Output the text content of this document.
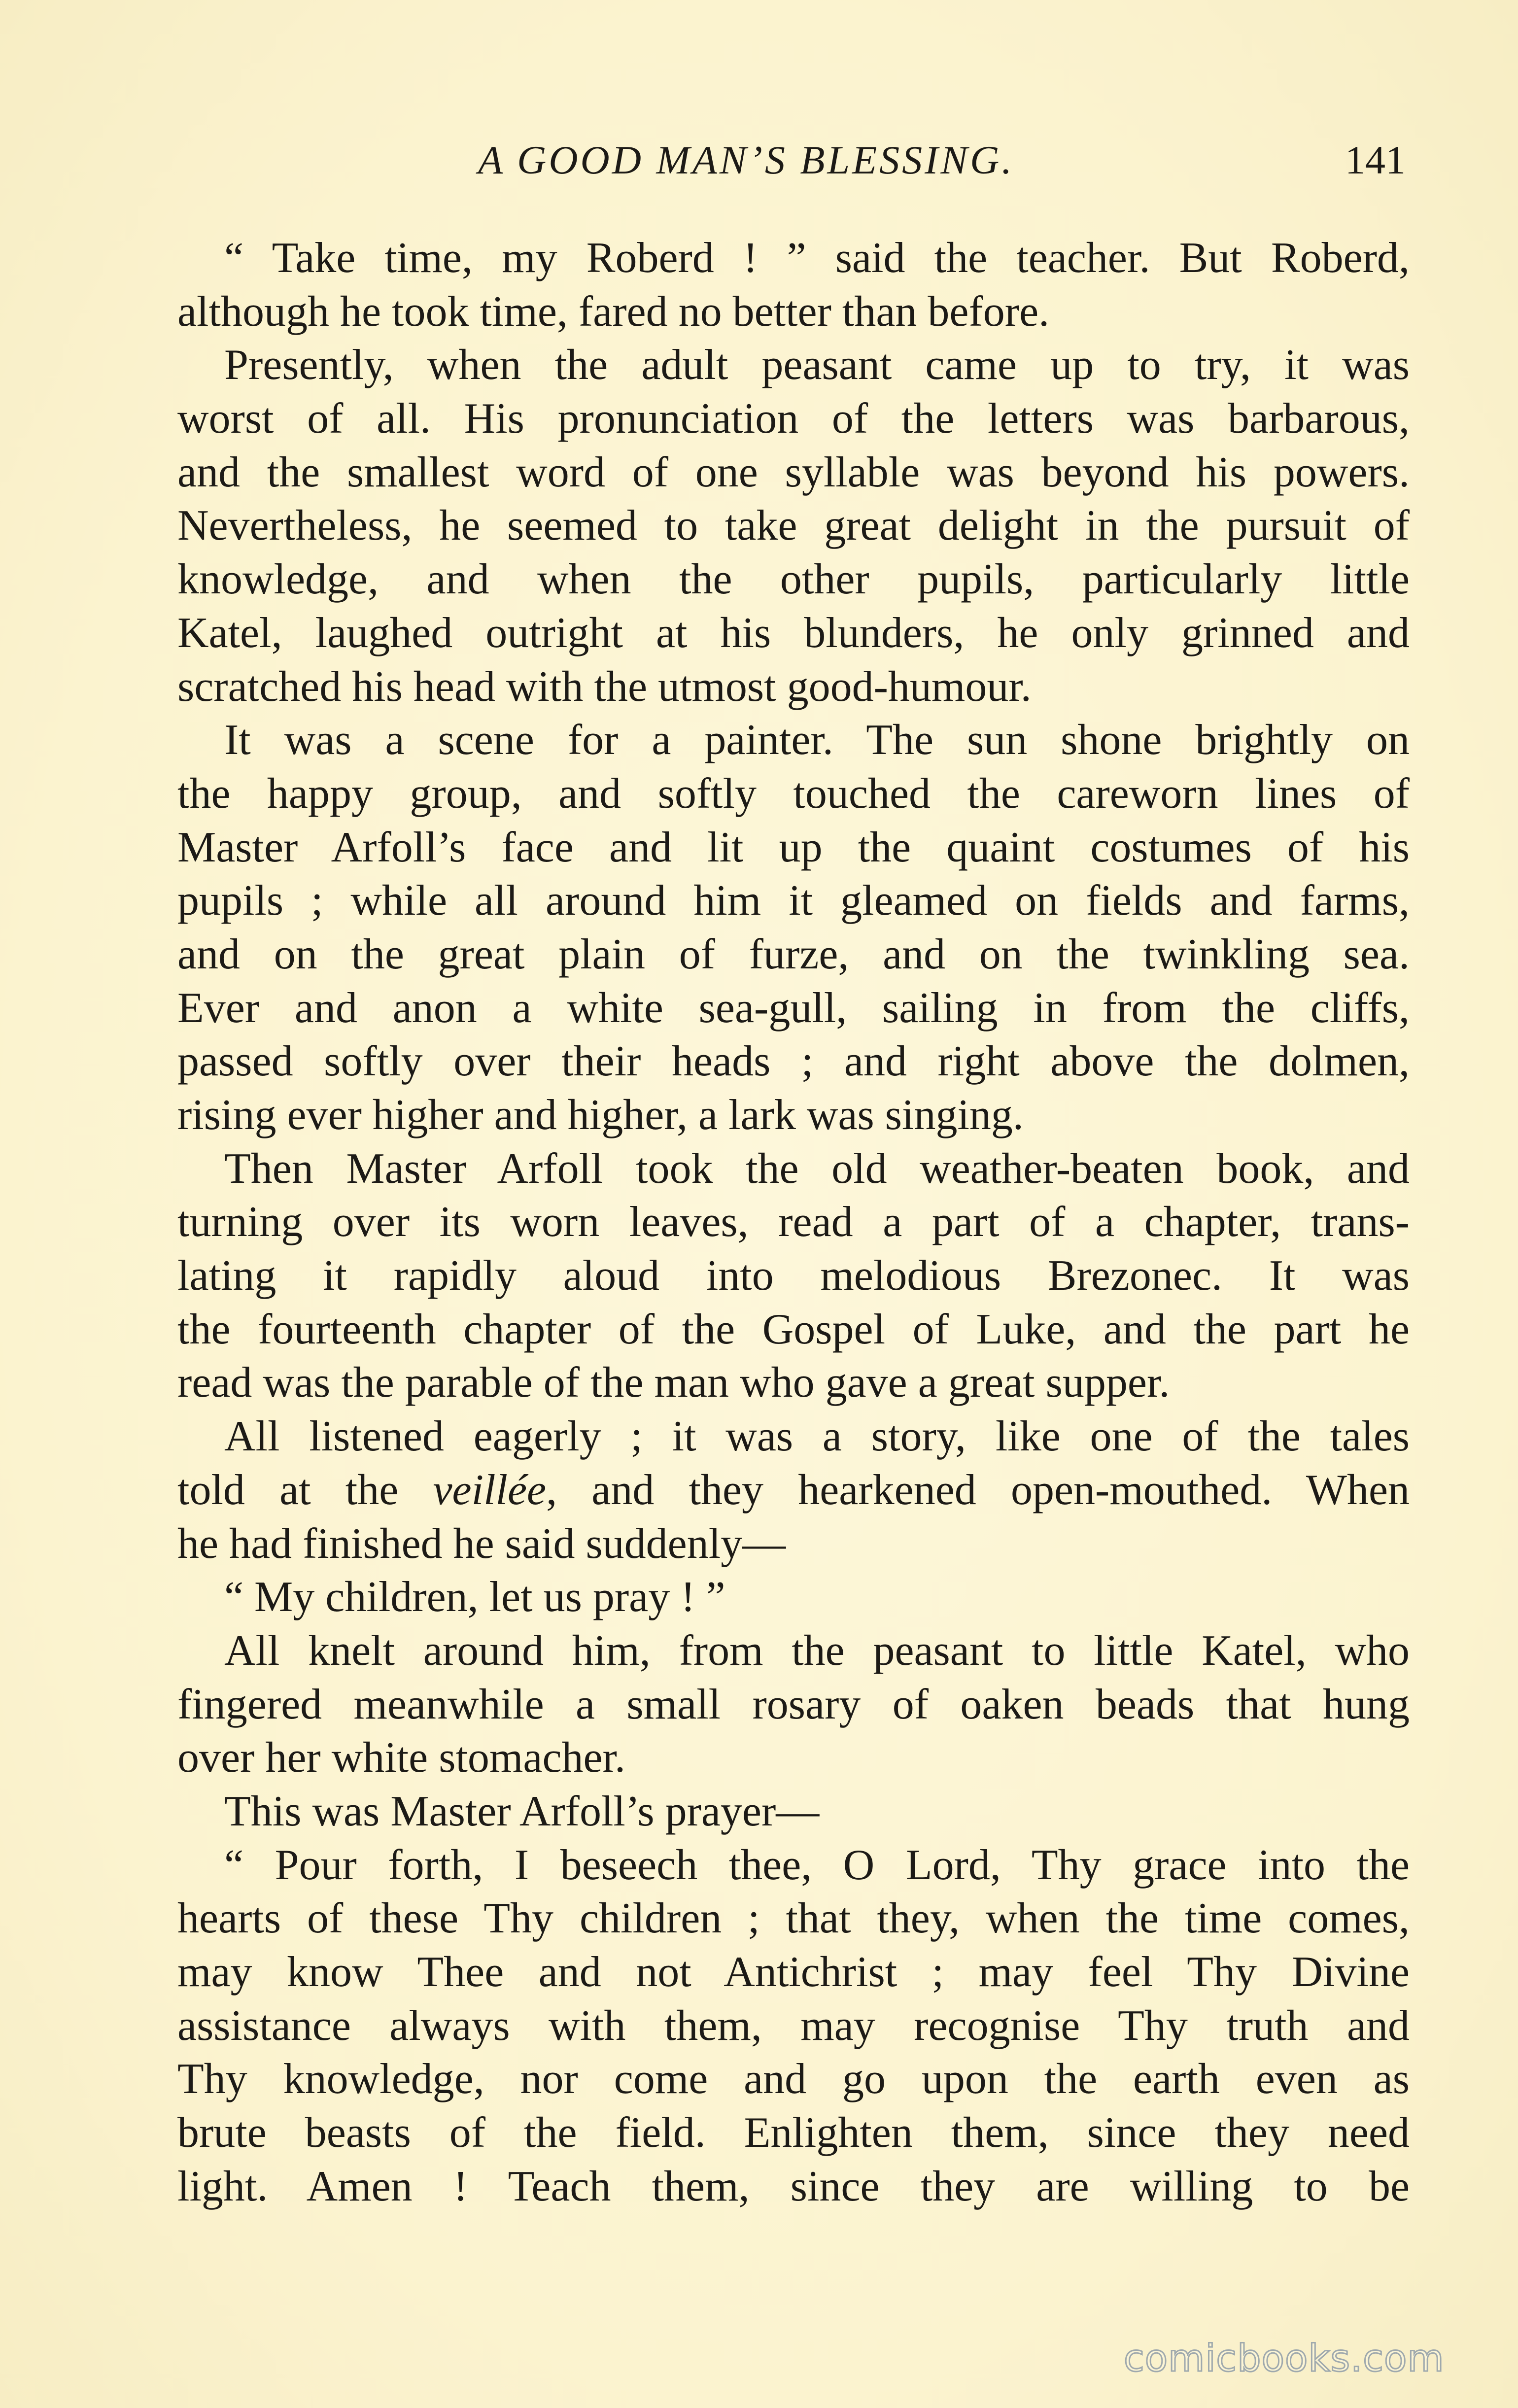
A GOOD MAN’S BLESSING.	141
“ Take time, my Roberd ! ” said the teacher. But Roberd,
although he took time, fared no better than before.
Presently, when the adult peasant came up to try, it was
worst of all. His pronunciation of the letters was barbarous,
and the smallest word of one syllable was beyond his powers.
Nevertheless, he seemed to take great delight in the pursuit of
knowledge, and when the other pupils, particularly little
Katel, laughed outright at his blunders, he only grinned and
scratched his head with the utmost good-humour.
It was a scene for a painter. The sun shone brightly on
the happy group, and softly touched the careworn lines of
Master Arfoll’s face and lit up the quaint costumes of his
pupils ; while all around him it gleamed on fields and farms,
and on the great plain of furze, and on the twinkling sea.
Ever and anon a white sea-gull, sailing in from the cliffs,
passed softly over their heads ; and right above the dolmen,
rising ever higher and higher, a lark was singing.
Then Master Arfoll took the old weather-beaten book, and
turning over its worn leaves, read a part of a chapter, trans-
lating it rapidly aloud into melodious Brezonec. It was
the fourteenth chapter of the Gospel of Luke, and the part he
read was the parable of the man who gave a great supper.
All listened eagerly ; it was a story, like one of the tales
told at the veillée, and they hearkened open-mouthed. When
he had finished he said suddenly—
“ My children, let us pray ! ”
All knelt around him, from the peasant to little Katel, who
fingered meanwhile a small rosary of oaken beads that hung
over her white stomacher.
This was Master Arfoll’s prayer—
“ Pour forth, I beseech thee, O Lord, Thy grace into the
hearts of these Thy children ; that they, when the time comes,
may know Thee and not Antichrist ; may feel Thy Divine
assistance always with them, may recognise Thy truth and
Thy knowledge, nor come and go upon the earth even as
brute beasts of the field. Enlighten them, since they need
light. Amen ! Teach them, since they are willing to be
comicbooks.com
